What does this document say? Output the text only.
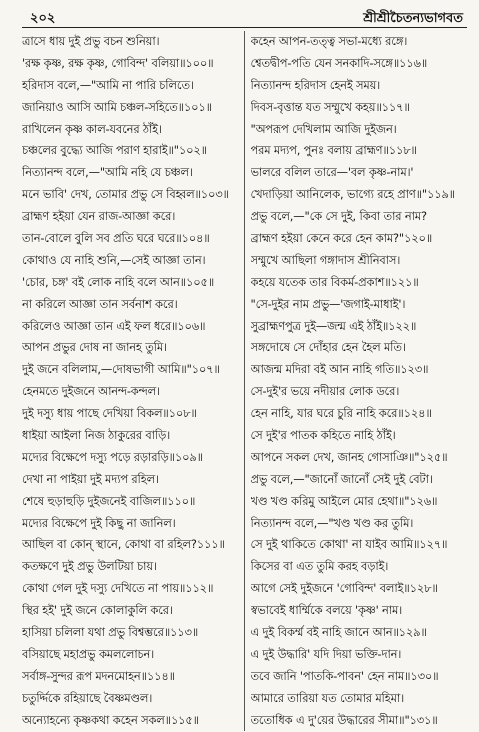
২০২	শ্রীশ্রীচৈতন্যভাগবত
ত্রাসে ধায় দুই প্রভু বচন শুনিয়া।
'রক্ষ কৃষ্ণ, রক্ষ কৃষ্ণ, গোবিন্দ' বলিয়া॥১০০॥
হরিদাস বলে,—"আমি না পারি চলিতে।
জানিয়াও আসি আমি চঞ্চল-সহিতে॥১০১॥
রাখিলেন কৃষ্ণ কাল-যবনের ঠাঁই।
চঞ্চলের বুদ্ধ্যে আজি পরাণ হারাই॥"১০২॥
নিত্যানন্দ বলে,—"আমি নহি যে চঞ্চল।
মনে ভাবি' দেখ, তোমার প্রভু সে বিহ্বল॥১০৩॥
ব্রাহ্মণ হইয়া যেন রাজ-আজ্ঞা করে।
তান-বোলে বুলি সব প্রতি ঘরে ঘরে॥১০৪॥
কোথাও যে নাহি শুনি,—সেই আজ্ঞা তান।
'চোর, চঙ্গ' বই লোক নাহি বলে আন॥১০৫॥
না করিলে আজ্ঞা তান সর্বনাশ করে।
করিলেও আজ্ঞা তান এই ফল ধরে॥১০৬॥
আপন প্রভুর দোষ না জানহ তুমি।
দুই জনে বলিলাম,—দোষভাগী আমি॥"১০৭॥
হেনমতে দুইজনে আনন্দ-কন্দল।
দুই দস্যু ধায় পাছে দেখিয়া বিকল॥১০৮॥
ধাইয়া আইলা নিজ ঠাকুরের বাড়ি।
মদ্যের বিক্ষেপে দস্যু পড়ে রড়ারড়ি॥১০৯॥
দেখা না পাইয়া দুই মদ্যপ রহিল।
শেষে হুড়াহুড়ি দুইজনেই বাজিল॥১১০॥
মদ্যের বিক্ষেপে দুই কিছু না জানিল।
আছিল বা কোন্ স্থানে, কোথা বা রহিল?১১১॥
কতক্ষণে দুই প্রভু উলটিয়া চায়।
কোথা গেল দুই দস্যু দেখিতে না পায়॥১১২॥
স্থির হই' দুই জনে কোলাকুলি করে।
হাসিয়া চলিলা যথা প্রভু বিশ্বম্ভরে॥১১৩॥
বসিয়াছে মহাপ্রভু কমললোচন।
সর্বাঙ্গ-সুন্দর রূপ মদনমোহন॥১১৪॥
চতুর্দ্দিকে রহিয়াছে বৈষ্ণমণ্ডল।
অন্যোহন্যে কৃষ্ণকথা কহেন সকল॥১১৫॥
কহেন আপন-তত্ত্ব সভা-মধ্যে রঙ্গে।
শ্বেতদ্বীপ-পতি যেন সনকাদি-সঙ্গে॥১১৬॥
নিত্যানন্দ হরিদাস হেনই সময়।
দিবস-বৃত্তান্ত যত সম্মুখে কহয়॥১১৭॥
"অপরূপ দেখিলাম আজি দুইজন।
পরম মদ্যপ, পুনঃ বলায় ব্রাহ্মণ॥১১৮॥
ভালরে বলিল তারে—'বল কৃষ্ণ-নাম।'
খেদাড়িয়া আনিলেক, ভাগ্যে রহে প্রাণ॥"১১৯॥
প্রভু বলে,—"কে সে দুই, কিবা তার নাম?
ব্রাহ্মণ হইয়া কেনে করে হেন কাম?"১২০॥
সম্মুখে আছিলা গঙ্গাদাস শ্রীনিবাস।
কহয়ে যতেক তার বিকর্ম-প্রকাশ॥১২১॥
"সে-দুইর নাম প্রভু—'জগাই-মাধাই'।
সুব্রাহ্মণপুত্র দুই—জন্ম এই ঠাঁই॥১২২॥
সঙ্গদোষে সে দোঁহার হেন হৈল মতি।
আজন্ম মদিরা বই আন নাহি গতি॥১২৩॥
সে-দুই'র ভয়ে নদীয়ার লোক ডরে।
হেন নাহি, যার ঘরে চুরি নাহি করে॥১২৪॥
সে দুই'র পাতক কহিতে নাহি ঠাঁই।
আপনে সকল দেখ, জানহ গোসাঞি॥"১২৫॥
প্রভু বলে,—"জানোঁ জানোঁ সেই দুই বেটা।
খণ্ড খণ্ড করিমু আইলে মোর হেথা॥"১২৬॥
নিত্যানন্দ বলে,—"খণ্ড খণ্ড কর তুমি।
সে দুই থাকিতে কোথা' না যাইব আমি॥১২৭॥
কিসের বা এত তুমি করহ বড়াই।
আগে সেই দুইজনে 'গোবিন্দ' বলাই॥১২৮॥
স্বভাবেই ধার্ম্মিকে বলয়ে 'কৃষ্ণ' নাম।
এ দুই বিকর্ম্ম বই নাহি জানে আন॥১২৯॥
এ দুই উদ্ধারি' যদি দিয়া ভক্তি-দান।
তবে জানি 'পাতকি-পাবন' হেন নাম॥১৩০॥
আমারে তারিয়া যত তোমার মহিমা।
ততোধিক এ দু'য়ের উদ্ধারের সীমা॥"১৩১॥
